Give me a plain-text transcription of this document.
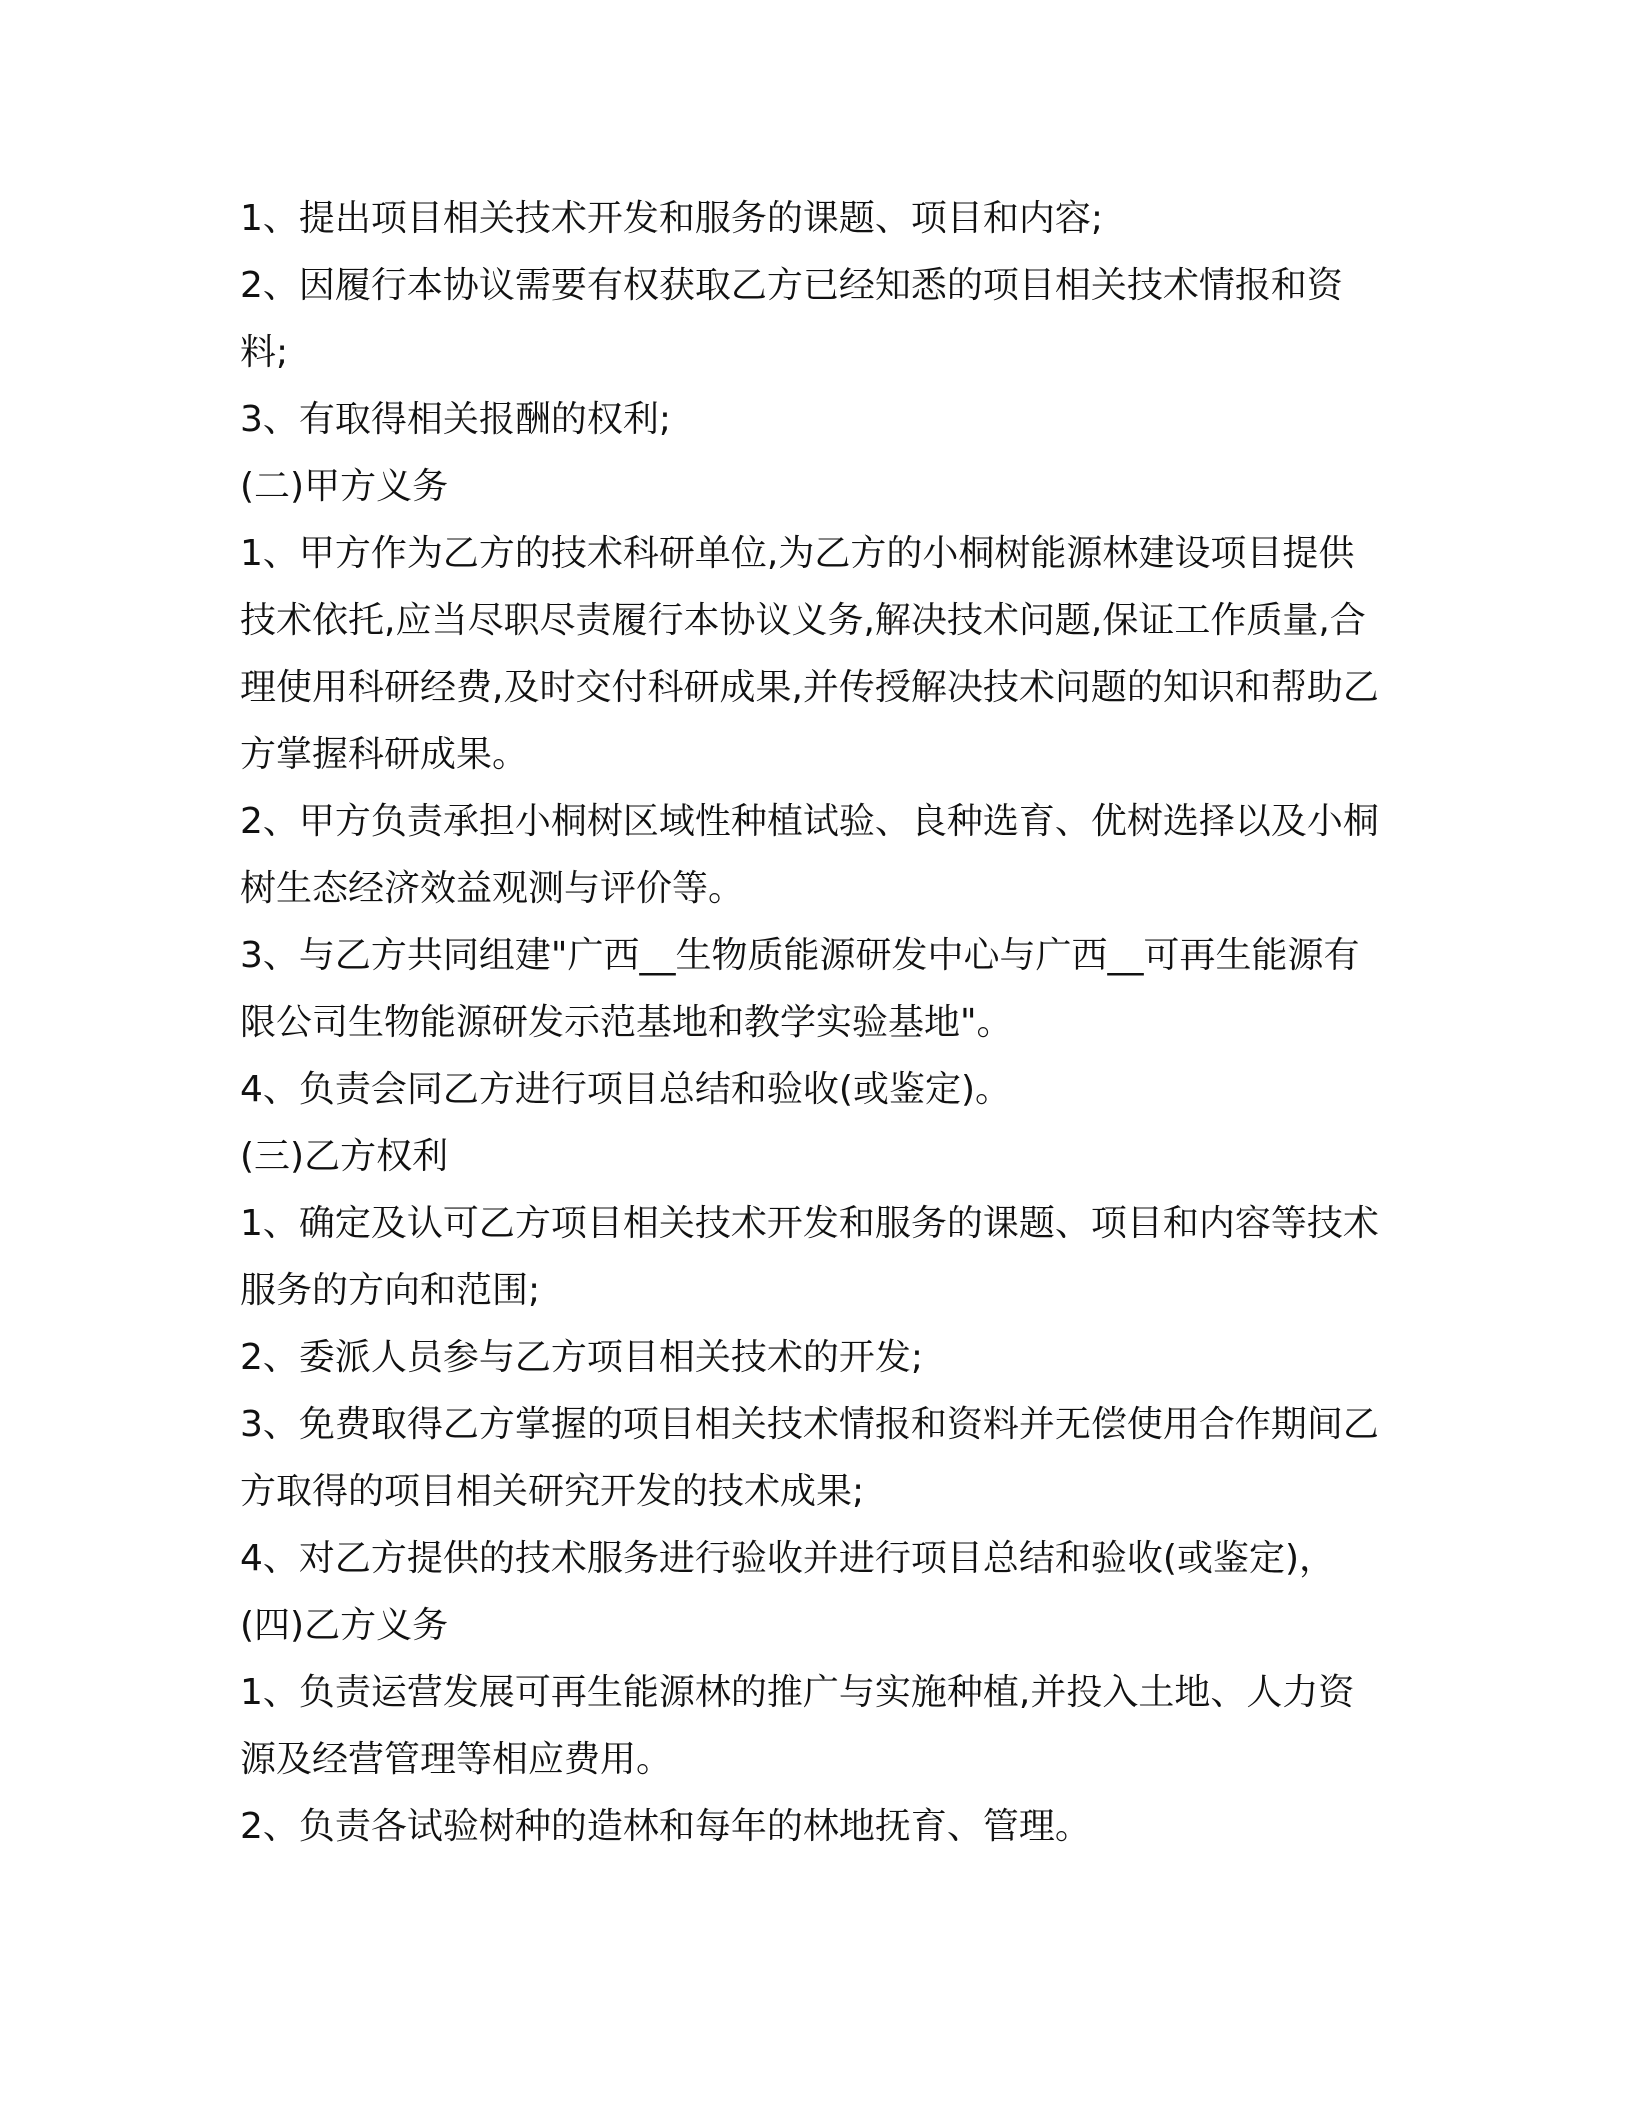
1、提出项目相关技术开发和服务的课题、项目和内容;

2、因履行本协议需要有权获取乙方已经知悉的项目相关技术情报和资料;

3、有取得相关报酬的权利;

(二)甲方义务

1、甲方作为乙方的技术科研单位,为乙方的小桐树能源林建设项目提供技术依托,应当尽职尽责履行本协议义务,解决技术问题,保证工作质量,合理使用科研经费,及时交付科研成果,并传授解决技术问题的知识和帮助乙方掌握科研成果。

2、甲方负责承担小桐树区域性种植试验、良种选育、优树选择以及小桐树生态经济效益观测与评价等。

3、与乙方共同组建"广西__生物质能源研发中心与广西__可再生能源有限公司生物能源研发示范基地和教学实验基地"。

4、负责会同乙方进行项目总结和验收(或鉴定)。

(三)乙方权利

1、确定及认可乙方项目相关技术开发和服务的课题、项目和内容等技术服务的方向和范围;

2、委派人员参与乙方项目相关技术的开发;

3、免费取得乙方掌握的项目相关技术情报和资料并无偿使用合作期间乙方取得的项目相关研究开发的技术成果;

4、对乙方提供的技术服务进行验收并进行项目总结和验收(或鉴定)，

(四)乙方义务

1、负责运营发展可再生能源林的推广与实施种植,并投入土地、人力资源及经营管理等相应费用。

2、负责各试验树种的造林和每年的林地抚育、管理。
